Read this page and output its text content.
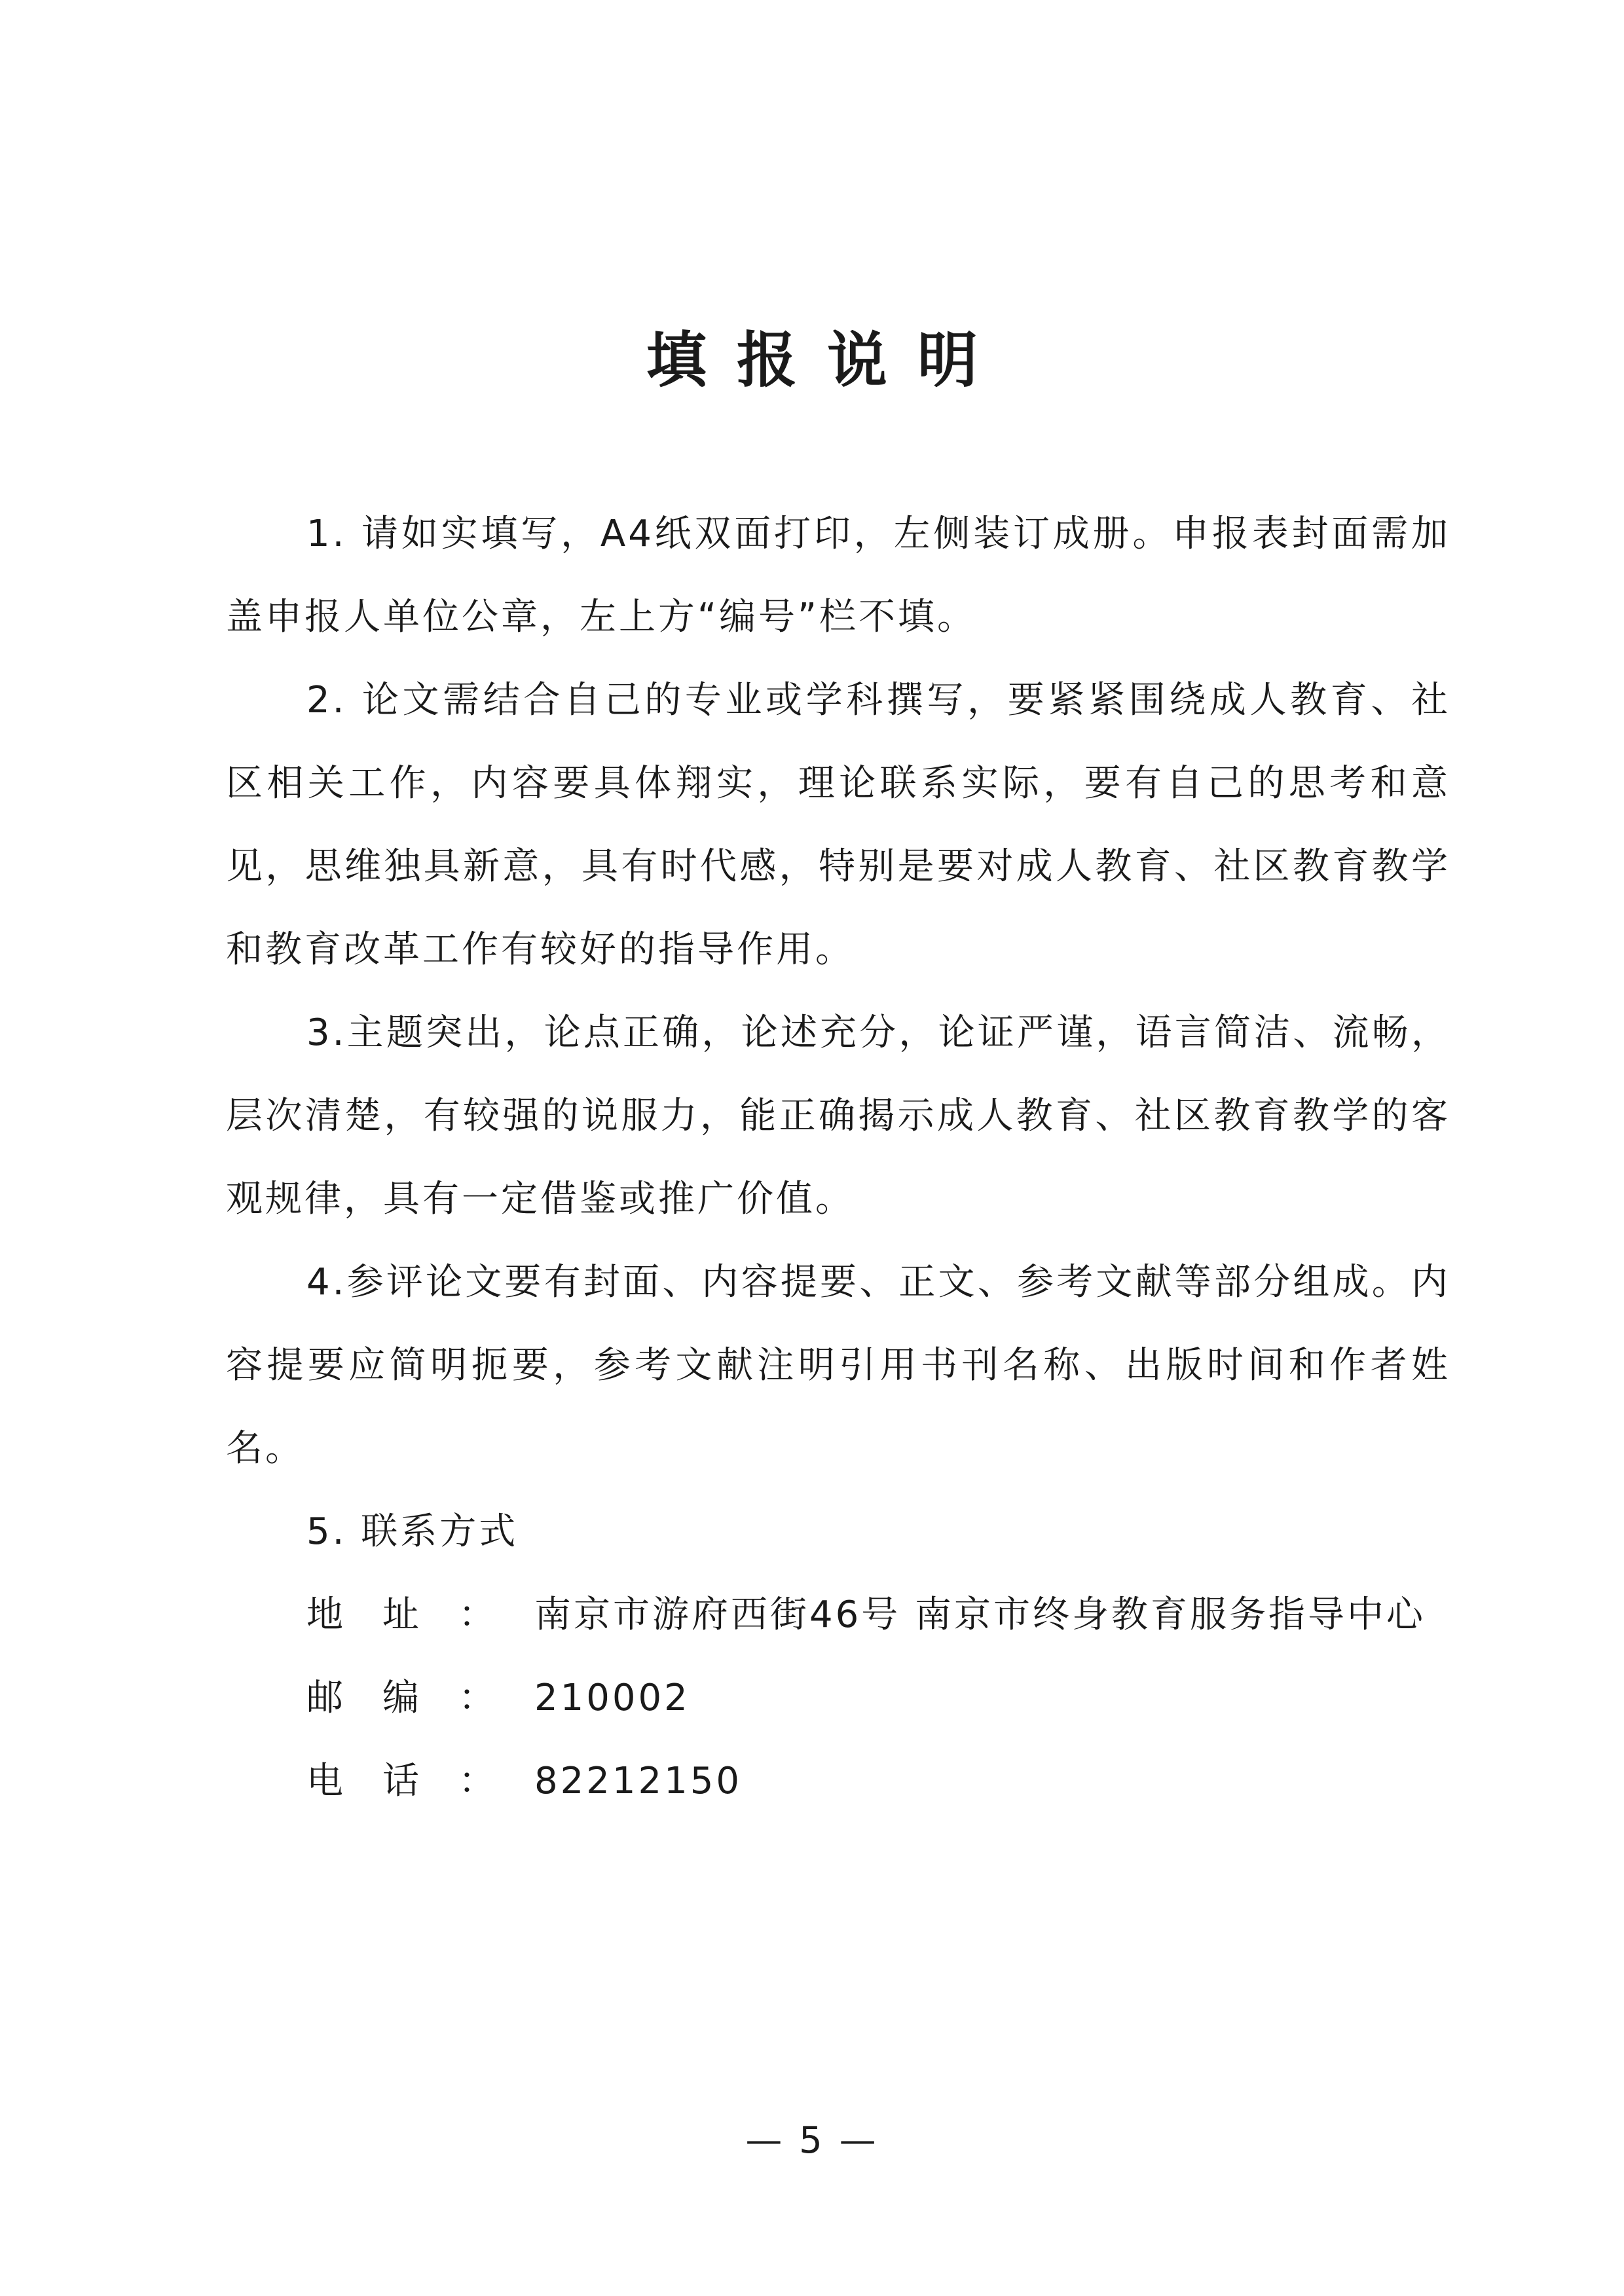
填报说明

1. 请如实填写，A4纸双面打印，左侧装订成册。申报表封面需加盖申报人单位公章，左上方“编号”栏不填。

2. 论文需结合自己的专业或学科撰写，要紧紧围绕成人教育、社区相关工作，内容要具体翔实，理论联系实际，要有自己的思考和意见，思维独具新意，具有时代感，特别是要对成人教育、社区教育教学和教育改革工作有较好的指导作用。

3.主题突出，论点正确，论述充分，论证严谨，语言简洁、流畅，层次清楚，有较强的说服力，能正确揭示成人教育、社区教育教学的客观规律，具有一定借鉴或推广价值。

4.参评论文要有封面、内容提要、正文、参考文献等部分组成。内容提要应简明扼要，参考文献注明引用书刊名称、出版时间和作者姓名。

5. 联系方式

地址：南京市游府西街46号 南京市终身教育服务指导中心

邮编：210002

电话：82212150

— 5 —
